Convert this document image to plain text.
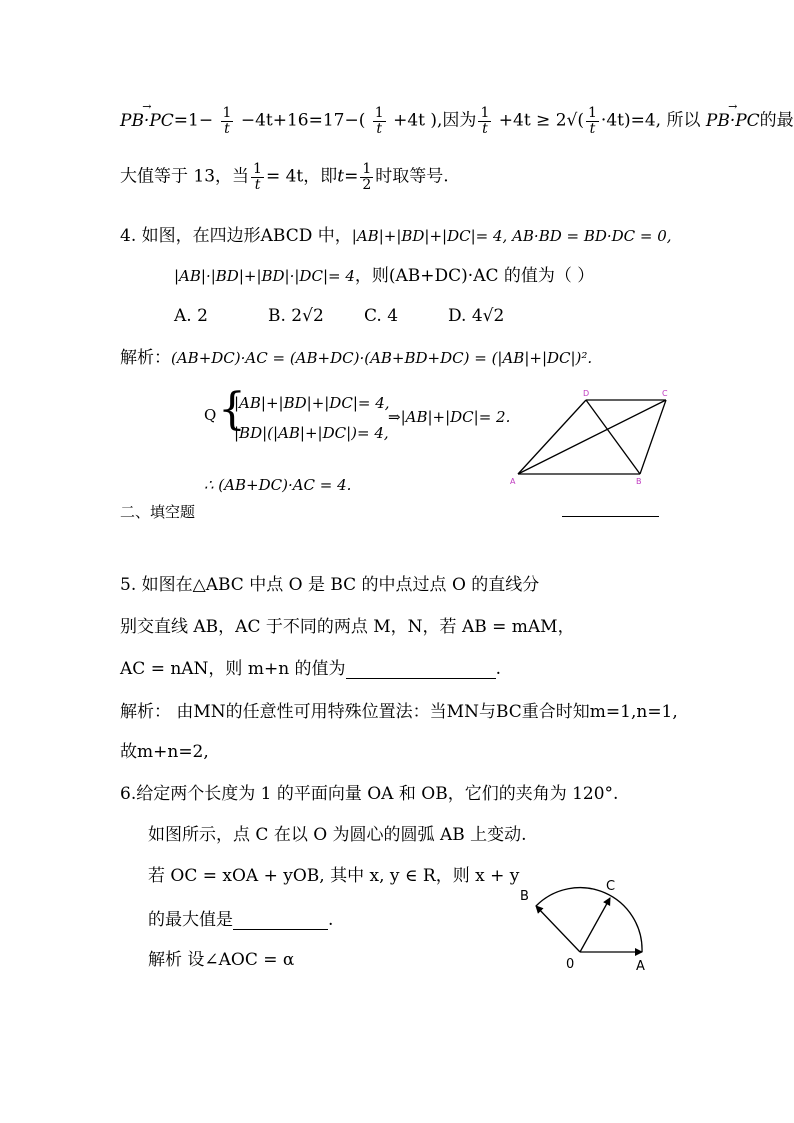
→ $PB\cdot PC=1- \frac{1}{t} -4t+16=17-( \frac{1}{t} +4t$ ),因为 $\frac{1}{t} +4t \ge 2√( \frac{1}{t} \cdot 4t)=4$, 所以 → PB·PC的最
大值等于 13，当 $\frac{1}{t} = 4t$，即$t= \frac{1}{2}$ 时取等号.
4. 如图，在四边形ABCD 中，|AB|+|BD|+|DC|= 4, AB·BD = BD·DC = 0,
|AB|·|BD|+|BD|·|DC|= 4，则(AB+DC)·AC 的值为（ ）
A. 2	B. 2√2 C. 4	D. 4√2
解析：(AB+DC)·AC = (AB+DC)·(AB+BD+DC) = (|AB|+|DC|)².
Q {
|AB|+|BD|+|DC|= 4,
|BD|(|AB|+|DC|)= 4,
⇒|AB|+|DC|= 2.
∴ (AB+DC)·AC = 4.	A	B
C
D
二、填空题
5. 如图在△ABC 中点 O 是 BC 的中点过点 O 的直线分
别交直线 AB，AC 于不同的两点 M，N，若 AB = mAM，
AC = nAN，则 m+n 的值为	.
解析： 由MN的任意性可用特殊位置法：当MN与BC重合时知m=1,n=1,
故m+n=2,
6.给定两个长度为 1 的平面向量 OA 和 OB，它们的夹角为 120°.
如图所示，点 C 在以 O 为圆心的圆弧 AB 上变动.
若 OC = xOA + yOB, 其中 x, y ∈ R，则 x + y
的最大值是	.
解析 设∠AOC = α
B
C
0	A
